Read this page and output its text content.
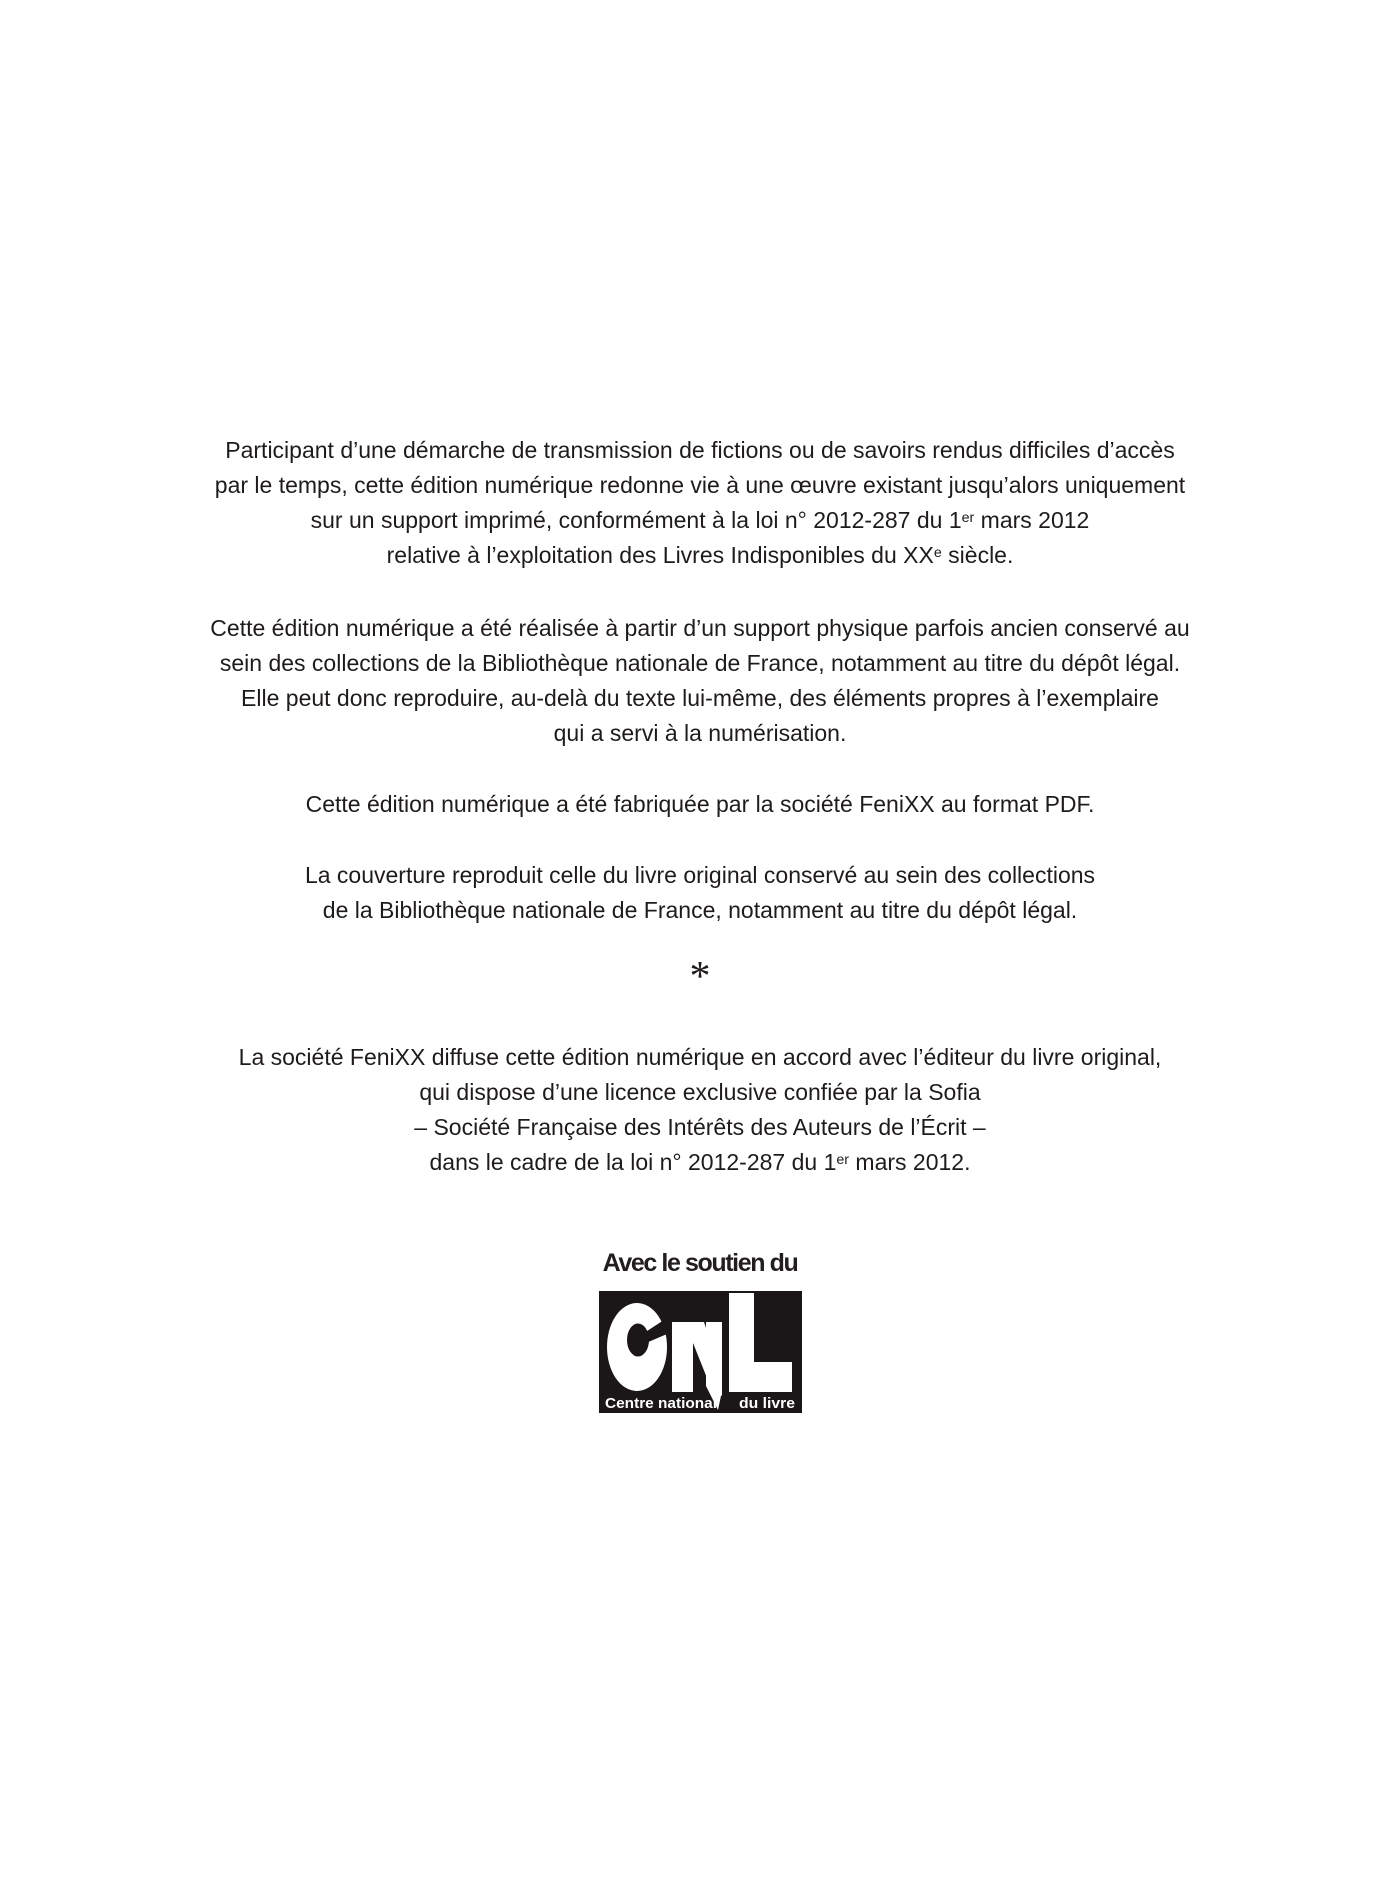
Participant d’une démarche de transmission de fictions ou de savoirs rendus difficiles d’accès
par le temps, cette édition numérique redonne vie à une œuvre existant jusqu’alors uniquement
sur un support imprimé, conformément à la loi n° 2012-287 du 1er mars 2012
relative à l’exploitation des Livres Indisponibles du XXe siècle.
Cette édition numérique a été réalisée à partir d’un support physique parfois ancien conservé au
sein des collections de la Bibliothèque nationale de France, notamment au titre du dépôt légal.
Elle peut donc reproduire, au-delà du texte lui-même, des éléments propres à l’exemplaire
qui a servi à la numérisation.
Cette édition numérique a été fabriquée par la société FeniXX au format PDF.
La couverture reproduit celle du livre original conservé au sein des collections
de la Bibliothèque nationale de France, notamment au titre du dépôt légal.
*
La société FeniXX diffuse cette édition numérique en accord avec l’éditeur du livre original,
qui dispose d’une licence exclusive confiée par la Sofia
– Société Française des Intérêts des Auteurs de l’Écrit –
dans le cadre de la loi n° 2012-287 du 1er mars 2012.
Avec le soutien du
Centre national du livre
